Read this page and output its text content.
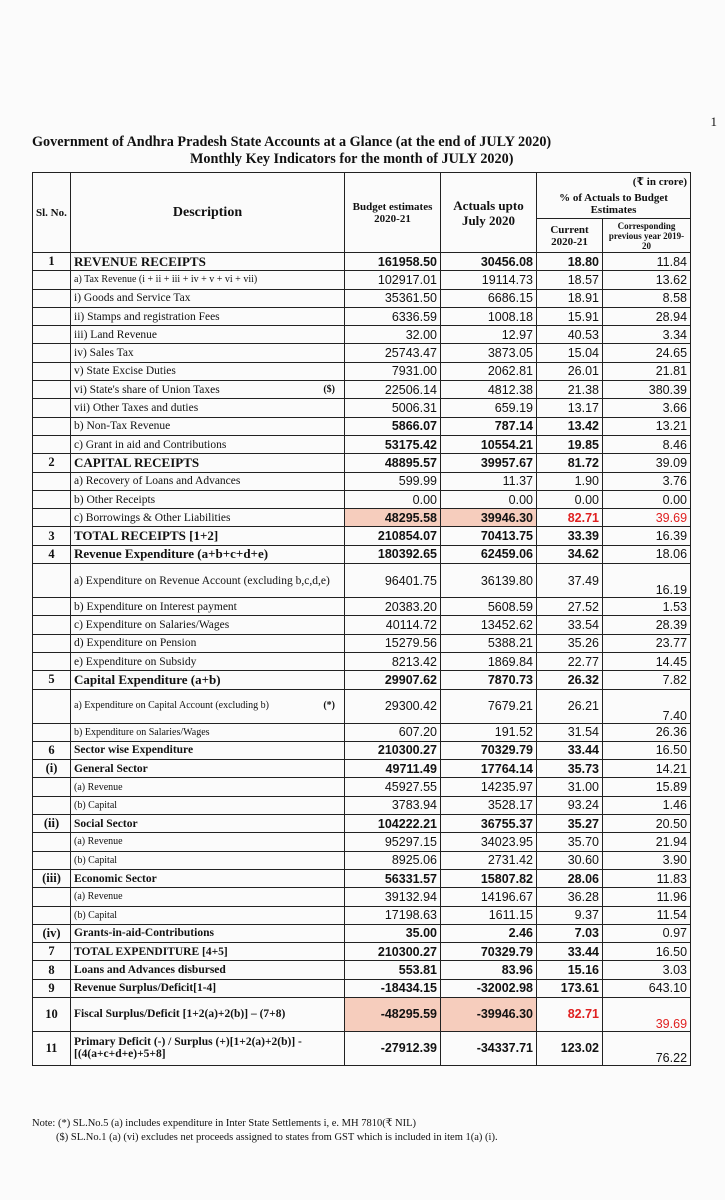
1
Government of Andhra Pradesh State Accounts at a Glance (at the end of JULY 2020)
Monthly Key Indicators for the month of JULY 2020)
Sl. No.	Description	Budget estimates 2020-21	Actuals upto July 2020	(₹ in crore)	
				% of Actuals to Budget Estimates	
				Current 2020-21	Corresponding previous year 2019-20

1	REVENUE RECEIPTS	161958.50	30456.08	18.80	11.84
	a) Tax Revenue (i + ii + iii + iv + v + vi + vii)	102917.01	19114.73	18.57	13.62
	i) Goods and Service Tax	35361.50	6686.15	18.91	8.58
	ii) Stamps and registration Fees	6336.59	1008.18	15.91	28.94
	iii) Land Revenue	32.00	12.97	40.53	3.34
	iv) Sales Tax	25743.47	3873.05	15.04	24.65
	v) State Excise Duties	7931.00	2062.81	26.01	21.81

	($)
vi) State's share of Union Taxes	22506.14	4812.38	21.38	380.39
	vii) Other Taxes and duties	5006.31	659.19	13.17	3.66
	b) Non-Tax Revenue	5866.07	787.14	13.42	13.21
	c) Grant in aid and Contributions	53175.42	10554.21	19.85	8.46
2	CAPITAL RECEIPTS	48895.57	39957.67	81.72	39.09
	a) Recovery of Loans and Advances	599.99	11.37	1.90	3.76
	b) Other Receipts	0.00	0.00	0.00	0.00
	c) Borrowings & Other Liabilities	48295.58	39946.30	82.71	39.69
3	TOTAL RECEIPTS [1+2]	210854.07	70413.75	33.39	16.39
4	Revenue Expenditure (a+b+c+d+e)	180392.65	62459.06	34.62	18.06
	a) Expenditure on Revenue Account (excluding b,c,d,e)	96401.75	36139.80	37.49	16.19
	b) Expenditure on Interest payment	20383.20	5608.59	27.52	1.53
	c) Expenditure on Salaries/Wages	40114.72	13452.62	33.54	28.39
	d) Expenditure on Pension	15279.56	5388.21	35.26	23.77
	e) Expenditure on Subsidy	8213.42	1869.84	22.77	14.45
5	Capital Expenditure (a+b)	29907.62	7870.73	26.32	7.82

	(*)
a) Expenditure on Capital Account (excluding b)	29300.42	7679.21	26.21	7.40
	b) Expenditure on Salaries/Wages	607.20	191.52	31.54	26.36
6	Sector wise Expenditure	210300.27	70329.79	33.44	16.50
(i)	General Sector	49711.49	17764.14	35.73	14.21
	(a) Revenue	45927.55	14235.97	31.00	15.89
	(b) Capital	3783.94	3528.17	93.24	1.46
(ii)	Social Sector	104222.21	36755.37	35.27	20.50
	(a) Revenue	95297.15	34023.95	35.70	21.94
	(b) Capital	8925.06	2731.42	30.60	3.90
(iii)	Economic Sector	56331.57	15807.82	28.06	11.83
	(a) Revenue	39132.94	14196.67	36.28	11.96
	(b) Capital	17198.63	1611.15	9.37	11.54
(iv)	Grants-in-aid-Contributions	35.00	2.46	7.03	0.97
7	TOTAL EXPENDITURE [4+5]	210300.27	70329.79	33.44	16.50
8	Loans and Advances disbursed	553.81	83.96	15.16	3.03
9	Revenue Surplus/Deficit[1-4]	-18434.15	-32002.98	173.61	643.10
10	Fiscal Surplus/Deficit [1+2(a)+2(b)] – (7+8)	-48295.59	-39946.30	82.71	39.69
11	Primary Deficit (-) / Surplus (+)[1+2(a)+2(b)] - [(4(a+c+d+e)+5+8]	-27912.39	-34337.71	123.02	76.22
Note: (*) SL.No.5 (a) includes expenditure in Inter State Settlements i, e. MH 7810(₹ NIL)
($) SL.No.1 (a) (vi) excludes net proceeds assigned to states from GST which is included in item 1(a) (i).
